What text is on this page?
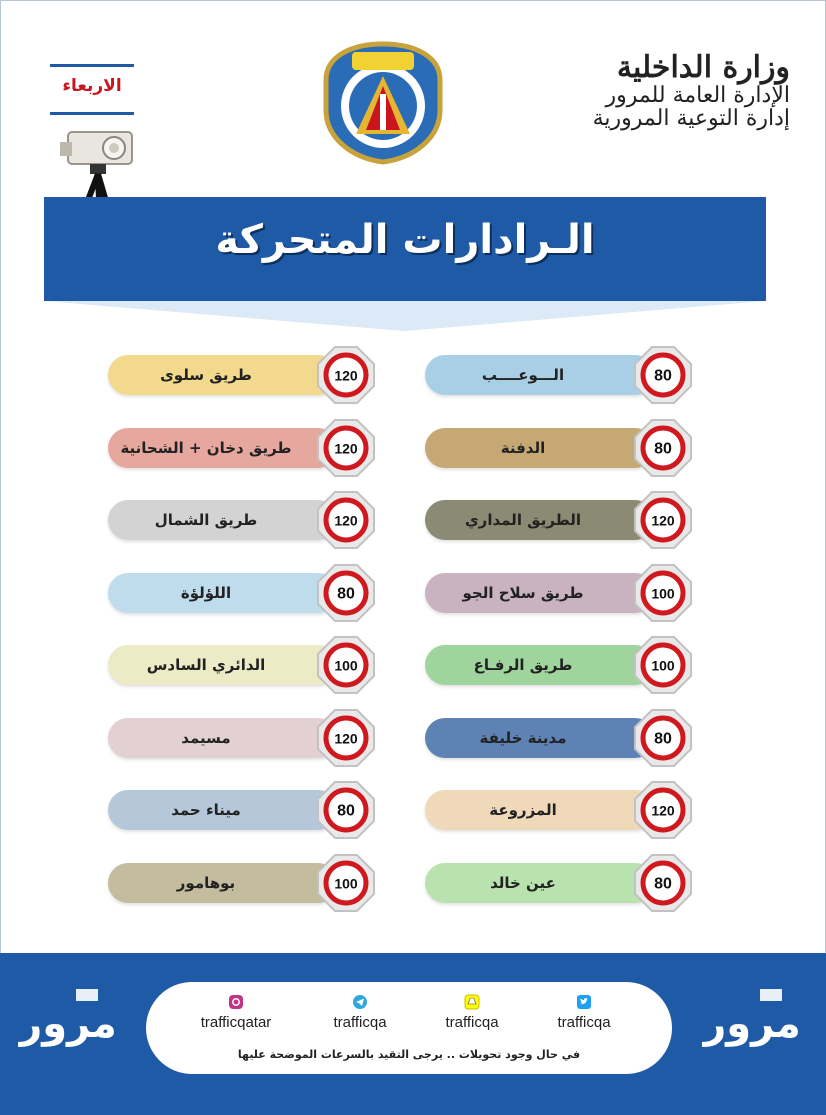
الاربعاء
وزارة الداخلية
الإدارة العامة للمرور
إدارة التوعية المرورية
الـرادارات المتحركة
الـــوعــــب	80
الدفنة	80
الطريق المداري	120
طريق سلاح الجو	100
طريق الرفـاع	100
مدينة خليفة	80
المزروعة	120
عين خالد	80
طريق سلوى	120
طريق دخان + الشحانية	120
طريق الشمال	120
اللؤلؤة	80
الدائري السادس	100
مسيمد	120
ميناء حمد	80
بوهامور	100
مرور	مرور
trafficqatar	trafficqa	trafficqa	trafficqa
في حال وجود تحويلات .. يرجى التقيد بالسرعات الموضحة عليها
